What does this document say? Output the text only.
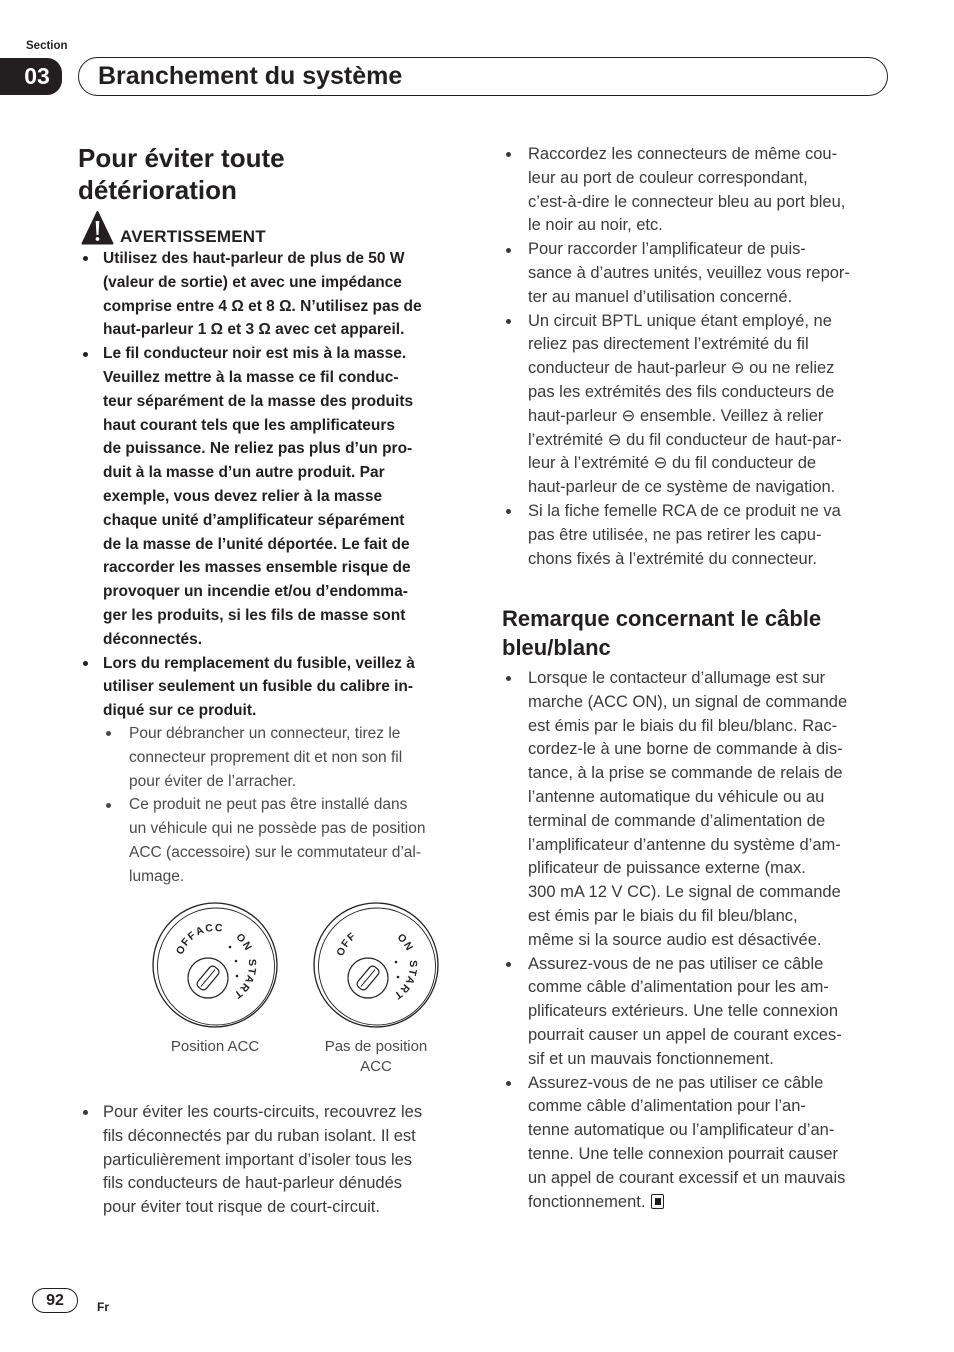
Section
03 Branchement du système
Pour éviter toute
détérioration
AVERTISSEMENT
Utilisez des haut-parleur de plus de 50 W
(valeur de sortie) et avec une impédance
comprise entre 4 Ω et 8 Ω. N’utilisez pas de
haut-parleur 1 Ω et 3 Ω avec cet appareil.
Le fil conducteur noir est mis à la masse.
Veuillez mettre à la masse ce fil conduc-
teur séparément de la masse des produits
haut courant tels que les amplificateurs
de puissance. Ne reliez pas plus d’un pro-
duit à la masse d’un autre produit. Par
exemple, vous devez relier à la masse
chaque unité d’amplificateur séparément
de la masse de l’unité déportée. Le fait de
raccorder les masses ensemble risque de
provoquer un incendie et/ou d’endomma-
ger les produits, si les fils de masse sont
déconnectés.
Lors du remplacement du fusible, veillez à
utiliser seulement un fusible du calibre in-
diqué sur ce produit.
Pour débrancher un connecteur, tirez le
connecteur proprement dit et non son fil
pour éviter de l’arracher.
Ce produit ne peut pas être installé dans
un véhicule qui ne possède pas de position
ACC (accessoire) sur le commutateur d’al-
lumage.
OFF
ACC
ON
START
OFF	ON
START
Position ACC	Pas de position
ACC
Pour éviter les courts-circuits, recouvrez les
fils déconnectés par du ruban isolant. Il est
particulièrement important d’isoler tous les
fils conducteurs de haut-parleur dénudés
pour éviter tout risque de court-circuit.
Raccordez les connecteurs de même cou-
leur au port de couleur correspondant,
c’est-à-dire le connecteur bleu au port bleu,
le noir au noir, etc.
Pour raccorder l’amplificateur de puis-
sance à d’autres unités, veuillez vous repor-
ter au manuel d’utilisation concerné.
Un circuit BPTL unique étant employé, ne
reliez pas directement l’extrémité du fil
conducteur de haut-parleur ⊖ ou ne reliez
pas les extrémités des fils conducteurs de
haut-parleur ⊖ ensemble. Veillez à relier
l’extrémité ⊖ du fil conducteur de haut-par-
leur à l’extrémité ⊖ du fil conducteur de
haut-parleur de ce système de navigation.
Si la fiche femelle RCA de ce produit ne va
pas être utilisée, ne pas retirer les capu-
chons fixés à l’extrémité du connecteur.
Remarque concernant le câble
bleu/blanc
Lorsque le contacteur d’allumage est sur
marche (ACC ON), un signal de commande
est émis par le biais du fil bleu/blanc. Rac-
cordez-le à une borne de commande à dis-
tance, à la prise se commande de relais de
l’antenne automatique du véhicule ou au
terminal de commande d’alimentation de
l’amplificateur d’antenne du système d’am-
plificateur de puissance externe (max.
300 mA 12 V CC). Le signal de commande
est émis par le biais du fil bleu/blanc,
même si la source audio est désactivée.
Assurez-vous de ne pas utiliser ce câble
comme câble d’alimentation pour les am-
plificateurs extérieurs. Une telle connexion
pourrait causer un appel de courant exces-
sif et un mauvais fonctionnement.
Assurez-vous de ne pas utiliser ce câble
comme câble d’alimentation pour l’an-
tenne automatique ou l’amplificateur d’an-
tenne. Une telle connexion pourrait causer
un appel de courant excessif et un mauvais
fonctionnement.
92	Fr
